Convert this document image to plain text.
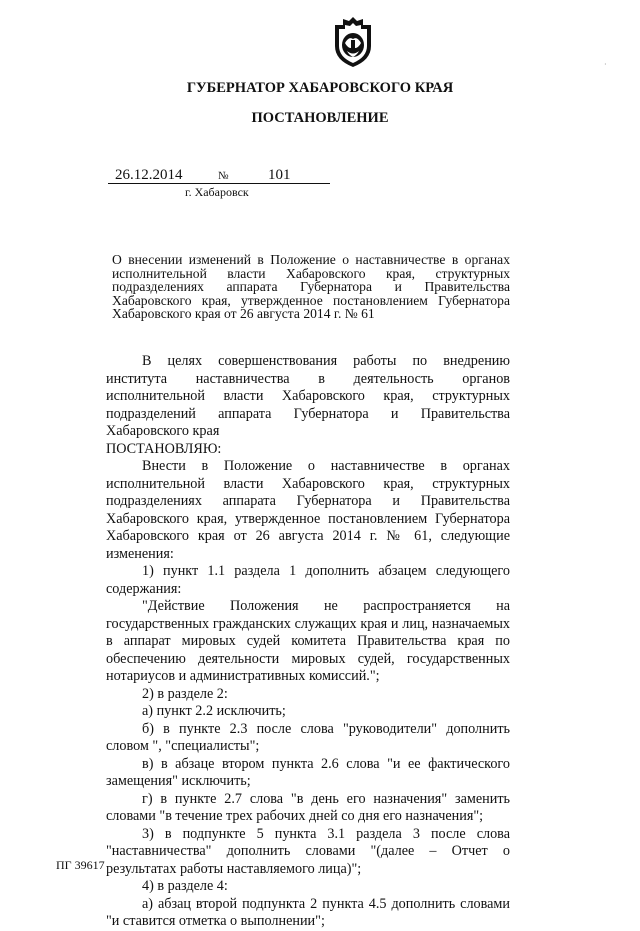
ГУБЕРНАТОР ХАБАРОВСКОГО КРАЯ
ПОСТАНОВЛЕНИЕ
26.12.2014	№	101
г. Хабаровск
О внесении изменений в Положение о наставничестве в органах исполнительной власти Хабаровского края, структурных подразделениях аппарата Губернатора и Правительства Хабаровского края, утвержденное постановлением Губернатора Хабаровского края от 26 августа 2014 г. № 61

В целях совершенствования работы по внедрению института наставничества в деятельность органов исполнительной власти Хабаровского края, структурных подразделений аппарата Губернатора и Правительства Хабаровского края

ПОСТАНОВЛЯЮ:

Внести в Положение о наставничестве в органах исполнительной власти Хабаровского края, структурных подразделениях аппарата Губернатора и Правительства Хабаровского края, утвержденное постановлением Губернатора Хабаровского края от 26 августа 2014 г. № 61, следующие изменения:

1) пункт 1.1 раздела 1 дополнить абзацем следующего содержания:

"Действие Положения не распространяется на государственных гражданских служащих края и лиц, назначаемых в аппарат мировых судей комитета Правительства края по обеспечению деятельности мировых судей, государственных нотариусов и административных комиссий.";

2) в разделе 2:

а) пункт 2.2 исключить;

б) в пункте 2.3 после слова "руководители" дополнить словом ", "специалисты";

в) в абзаце втором пункта 2.6 слова "и ее фактического замещения" исключить;

г) в пункте 2.7 слова "в день его назначения" заменить словами "в течение трех рабочих дней со дня его назначения";

3) в подпункте 5 пункта 3.1 раздела 3 после слова "наставничества" дополнить словами "(далее – Отчет о результатах работы наставляемого лица)";

4) в разделе 4:

а) абзац второй подпункта 2 пункта 4.5 дополнить словами "и ставится отметка о выполнении";

ПГ 39617
·
